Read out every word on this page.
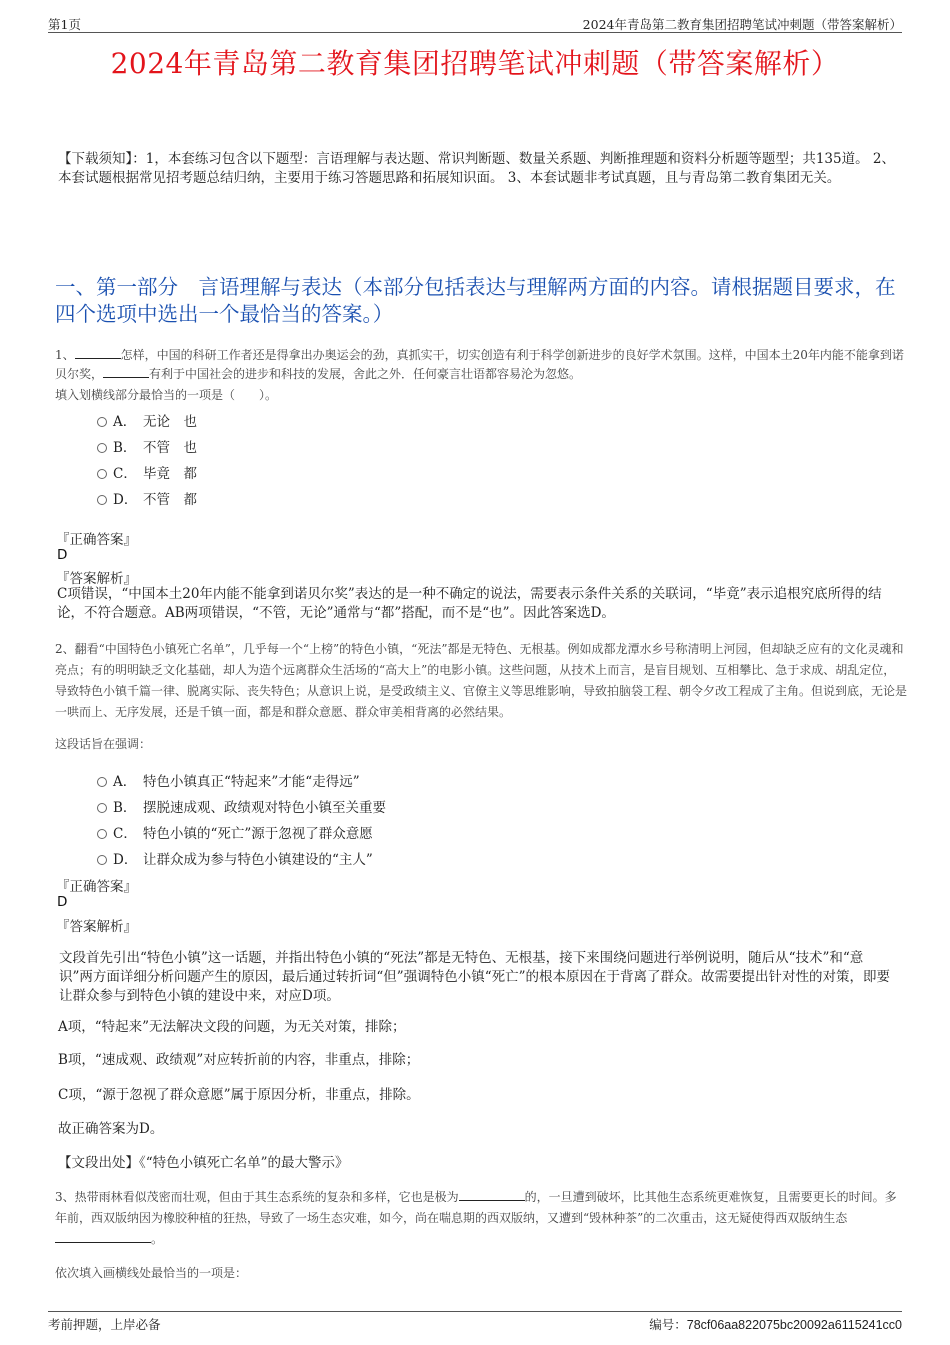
第1页	2024年青岛第二教育集团招聘笔试冲刺题（带答案解析）
2024年青岛第二教育集团招聘笔试冲刺题（带答案解析）
【下载须知】：1，本套练习包含以下题型：言语理解与表达题、常识判断题、数量关系题、判断推理题和资料分析题等题型；共135道。 2、本套试题根据常见招考题总结归纳，主要用于练习答题思路和拓展知识面。 3、本套试题非考试真题，且与青岛第二教育集团无关。
一、第一部分　言语理解与表达（本部分包括表达与理解两方面的内容。请根据题目要求，在四个选项中选出一个最恰当的答案。）
1、	怎样，中国的科研工作者还是得拿出办奥运会的劲，真抓实干，切实创造有利于科学创新进步的良好学术氛围。这样，中国本土20年内能不能拿到诺贝尔奖，	有利于中国社会的进步和科技的发展，舍此之外．任何豪言壮语都容易沦为忽悠。
填入划横线部分最恰当的一项是（　　）。
A． 无论　也
B． 不管　也
C． 毕竟　都
D． 不管　都
『正确答案』
D
『答案解析』
C项错误，“中国本土20年内能不能拿到诺贝尔奖”表达的是一种不确定的说法，需要表示条件关系的关联词，“毕竟”表示追根究底所得的结论，不符合题意。AB两项错误，“不管，无论”通常与“都”搭配，而不是“也”。因此答案选D。
2、翻看“中国特色小镇死亡名单”，几乎每一个“上榜”的特色小镇，“死法”都是无特色、无根基。例如成都龙潭水乡号称清明上河园，但却缺乏应有的文化灵魂和亮点；有的明明缺乏文化基础，却人为造个远离群众生活场的“高大上”的电影小镇。这些问题，从技术上而言，是盲目规划、互相攀比、急于求成、胡乱定位，导致特色小镇千篇一律、脱离实际、丧失特色；从意识上说，是受政绩主义、官僚主义等思维影响，导致拍脑袋工程、朝令夕改工程成了主角。但说到底，无论是一哄而上、无序发展，还是千镇一面，都是和群众意愿、群众审美相背离的必然结果。
这段话旨在强调：
A． 特色小镇真正“特起来”才能“走得远”
B． 摆脱速成观、政绩观对特色小镇至关重要
C． 特色小镇的“死亡”源于忽视了群众意愿
D． 让群众成为参与特色小镇建设的“主人”
『正确答案』
D
『答案解析』
文段首先引出“特色小镇”这一话题，并指出特色小镇的“死法”都是无特色、无根基，接下来围绕问题进行举例说明，随后从“技术”和“意识”两方面详细分析问题产生的原因，最后通过转折词“但”强调特色小镇“死亡”的根本原因在于背离了群众。故需要提出针对性的对策，即要让群众参与到特色小镇的建设中来，对应D项。
A项，“特起来”无法解决文段的问题，为无关对策，排除；
B项，“速成观、政绩观”对应转折前的内容，非重点，排除；
C项，“源于忽视了群众意愿”属于原因分析，非重点，排除。
故正确答案为D。
【文段出处】《“特色小镇死亡名单”的最大警示》
3、热带雨林看似茂密而壮观，但由于其生态系统的复杂和多样，它也是极为	的，一旦遭到破坏，比其他生态系统更难恢复，且需要更长的时间。多年前，西双版纳因为橡胶种植的狂热，导致了一场生态灾难，如今，尚在喘息期的西双版纳，又遭到“毁林种茶”的二次重击，这无疑使得西双版纳生态。
依次填入画横线处最恰当的一项是：
考前押题，上岸必备	编号：78cf06aa822075bc20092a6115241cc0
